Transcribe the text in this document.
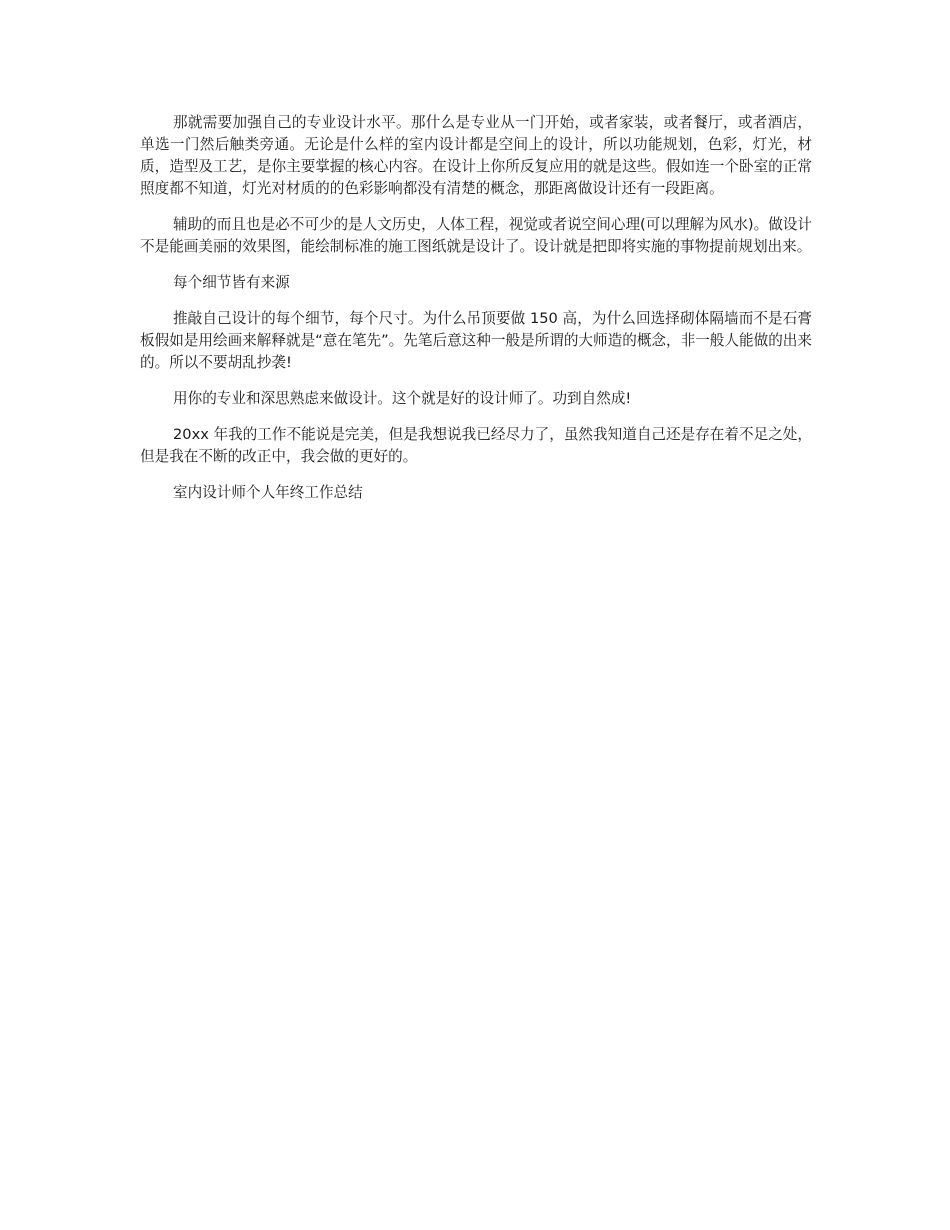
那就需要加强自己的专业设计水平。那什么是专业从一门开始，或者家装，或者餐厅，或者酒店，单选一门然后触类旁通。无论是什么样的室内设计都是空间上的设计，所以功能规划，色彩，灯光，材质，造型及工艺，是你主要掌握的核心内容。在设计上你所反复应用的就是这些。假如连一个卧室的正常照度都不知道，灯光对材质的的色彩影响都没有清楚的概念，那距离做设计还有一段距离。

辅助的而且也是必不可少的是人文历史，人体工程，视觉或者说空间心理(可以理解为风水)。做设计不是能画美丽的效果图，能绘制标准的施工图纸就是设计了。设计就是把即将实施的事物提前规划出来。

每个细节皆有来源

推敲自己设计的每个细节，每个尺寸。为什么吊顶要做 150 高，为什么回选择砌体隔墙而不是石膏板假如是用绘画来解释就是“意在笔先”。先笔后意这种一般是所谓的大师造的概念，非一般人能做的出来的。所以不要胡乱抄袭!

用你的专业和深思熟虑来做设计。这个就是好的设计师了。功到自然成!

20xx 年我的工作不能说是完美，但是我想说我已经尽力了，虽然我知道自己还是存在着不足之处，但是我在不断的改正中，我会做的更好的。

室内设计师个人年终工作总结
